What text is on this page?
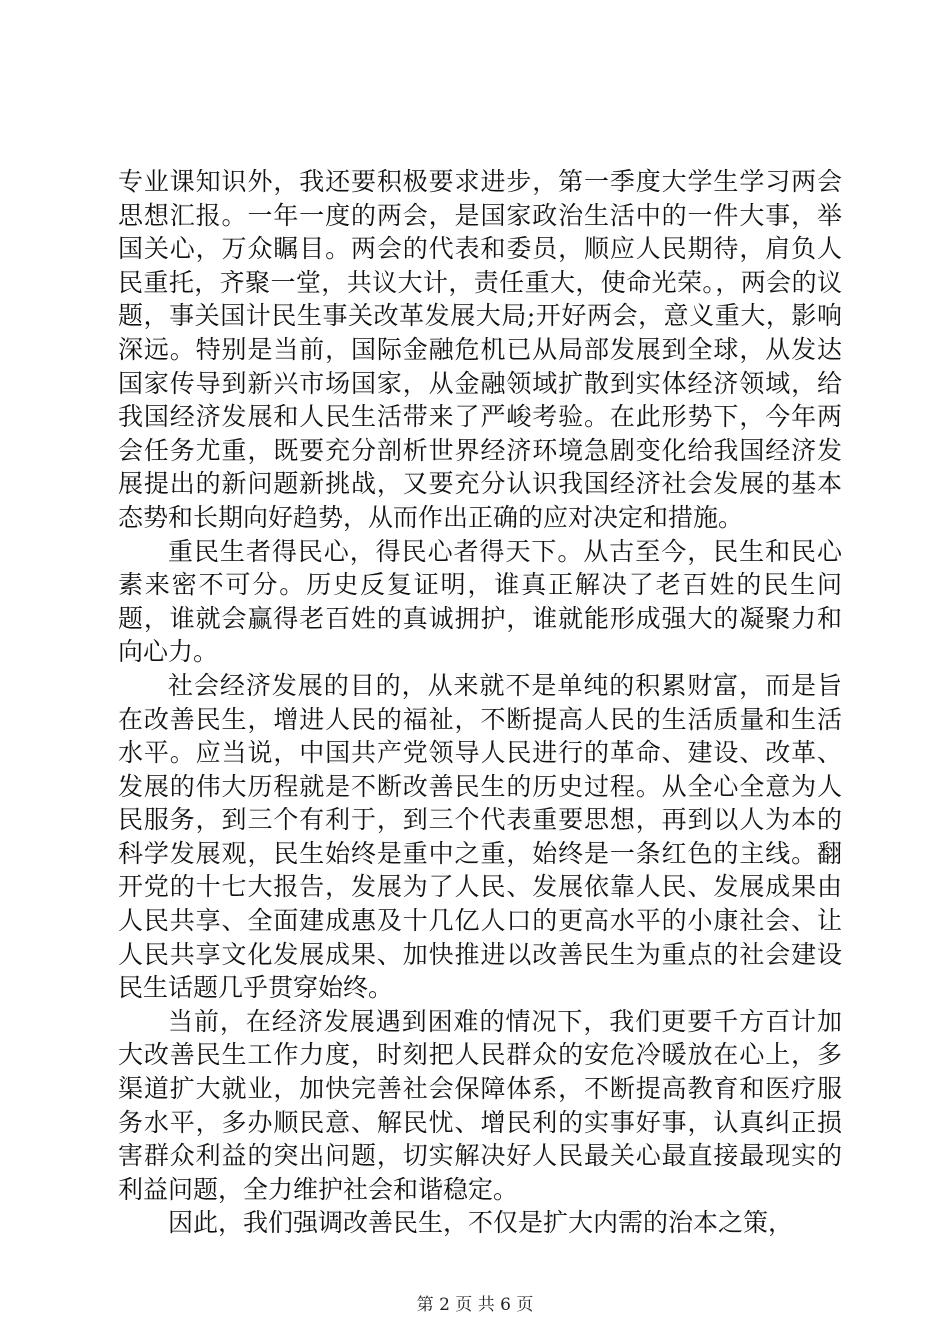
专业课知识外，我还要积极要求进步，第一季度大学生学习两会思想汇报。一年一度的两会，是国家政治生活中的一件大事，举国关心，万众瞩目。两会的代表和委员，顺应人民期待，肩负人民重托，齐聚一堂，共议大计，责任重大，使命光荣。，两会的议题，事关国计民生事关改革发展大局;开好两会，意义重大，影响深远。特别是当前，国际金融危机已从局部发展到全球，从发达国家传导到新兴市场国家，从金融领域扩散到实体经济领域，给我国经济发展和人民生活带来了严峻考验。在此形势下，今年两会任务尤重，既要充分剖析世界经济环境急剧变化给我国经济发展提出的新问题新挑战，又要充分认识我国经济社会发展的基本态势和长期向好趋势，从而作出正确的应对决定和措施。

重民生者得民心，得民心者得天下。从古至今，民生和民心素来密不可分。历史反复证明，谁真正解决了老百姓的民生问题，谁就会赢得老百姓的真诚拥护，谁就能形成强大的凝聚力和向心力。

社会经济发展的目的，从来就不是单纯的积累财富，而是旨在改善民生，增进人民的福祉，不断提高人民的生活质量和生活水平。应当说，中国共产党领导人民进行的革命、建设、改革、发展的伟大历程就是不断改善民生的历史过程。从全心全意为人民服务，到三个有利于，到三个代表重要思想，再到以人为本的科学发展观，民生始终是重中之重，始终是一条红色的主线。翻开党的十七大报告，发展为了人民、发展依靠人民、发展成果由人民共享、全面建成惠及十几亿人口的更高水平的小康社会、让人民共享文化发展成果、加快推进以改善民生为重点的社会建设民生话题几乎贯穿始终。

当前，在经济发展遇到困难的情况下，我们更要千方百计加大改善民生工作力度，时刻把人民群众的安危冷暖放在心上，多渠道扩大就业，加快完善社会保障体系，不断提高教育和医疗服务水平，多办顺民意、解民忧、增民利的实事好事，认真纠正损害群众利益的突出问题，切实解决好人民最关心最直接最现实的利益问题，全力维护社会和谐稳定。

因此，我们强调改善民生，不仅是扩大内需的治本之策，

第 2 页 共 6 页
